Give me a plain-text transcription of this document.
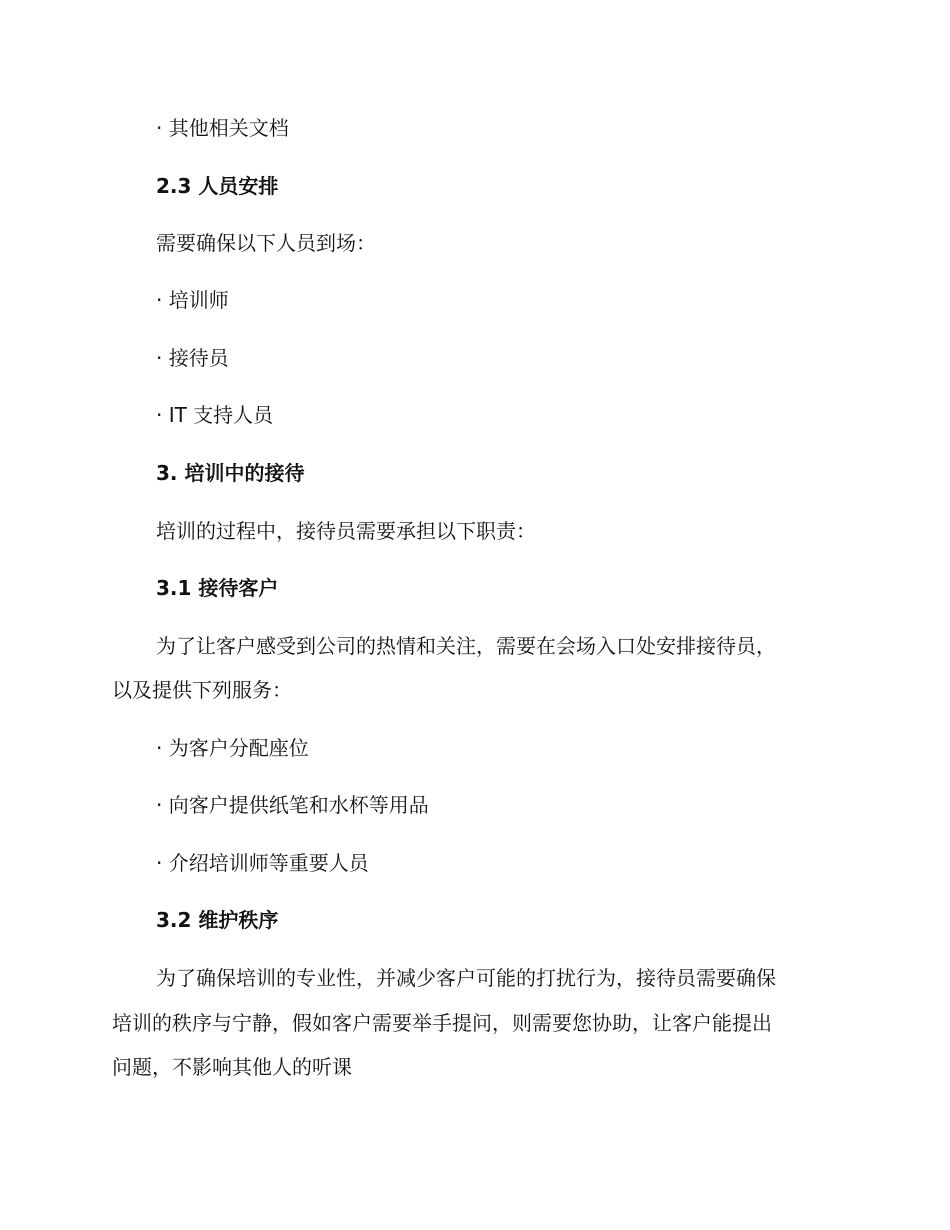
· 其他相关文档
2.3 人员安排
需要确保以下人员到场：
· 培训师
· 接待员
· IT 支持人员
3. 培训中的接待
培训的过程中，接待员需要承担以下职责：
3.1 接待客户
为了让客户感受到公司的热情和关注，需要在会场入口处安排接待员，
以及提供下列服务：
· 为客户分配座位
· 向客户提供纸笔和水杯等用品
· 介绍培训师等重要人员
3.2 维护秩序
为了确保培训的专业性，并减少客户可能的打扰行为，接待员需要确保
培训的秩序与宁静，假如客户需要举手提问，则需要您协助，让客户能提出
问题，不影响其他人的听课
